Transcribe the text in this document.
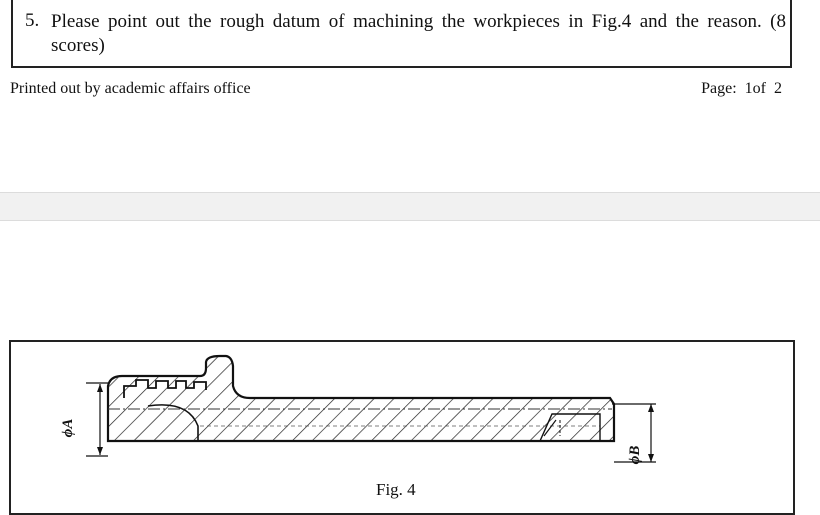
5. Please point out the rough datum of machining the workpieces in Fig.4 and the reason. (8 scores)
Printed out by academic affairs office	Page: 1of 2
ϕA
ϕB
Fig. 4
